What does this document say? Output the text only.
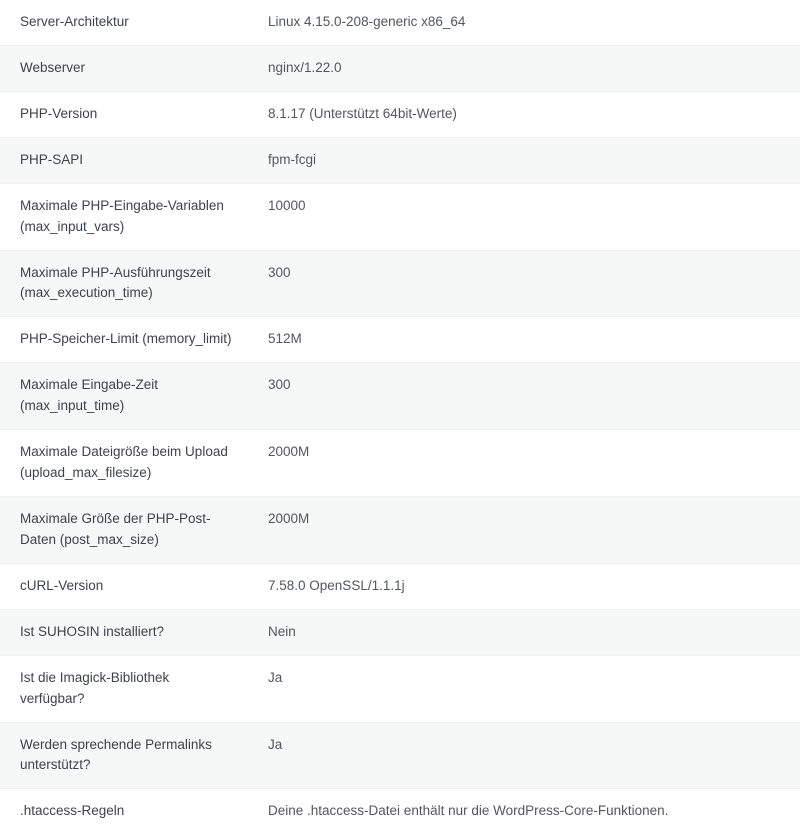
Server-Architektur	Linux 4.15.0-208-generic x86_64

Webserver	nginx/1.22.0

PHP-Version	8.1.17 (Unterstützt 64bit-Werte)

PHP-SAPI	fpm-fcgi

Maximale PHP-Eingabe-Variablen
(max_input_vars)	10000

Maximale PHP-Ausführungszeit
(max_execution_time)	300

PHP-Speicher-Limit (memory_limit)	512M

Maximale Eingabe-Zeit
(max_input_time)	300

Maximale Dateigröße beim Upload
(upload_max_filesize)	2000M

Maximale Größe der PHP-Post-
Daten (post_max_size)	2000M

cURL-Version	7.58.0 OpenSSL/1.1.1j

Ist SUHOSIN installiert?	Nein

Ist die Imagick-Bibliothek
verfügbar?	Ja

Werden sprechende Permalinks
unterstützt?	Ja

.htaccess-Regeln	Deine .htaccess-Datei enthält nur die WordPress-Core-Funktionen.
